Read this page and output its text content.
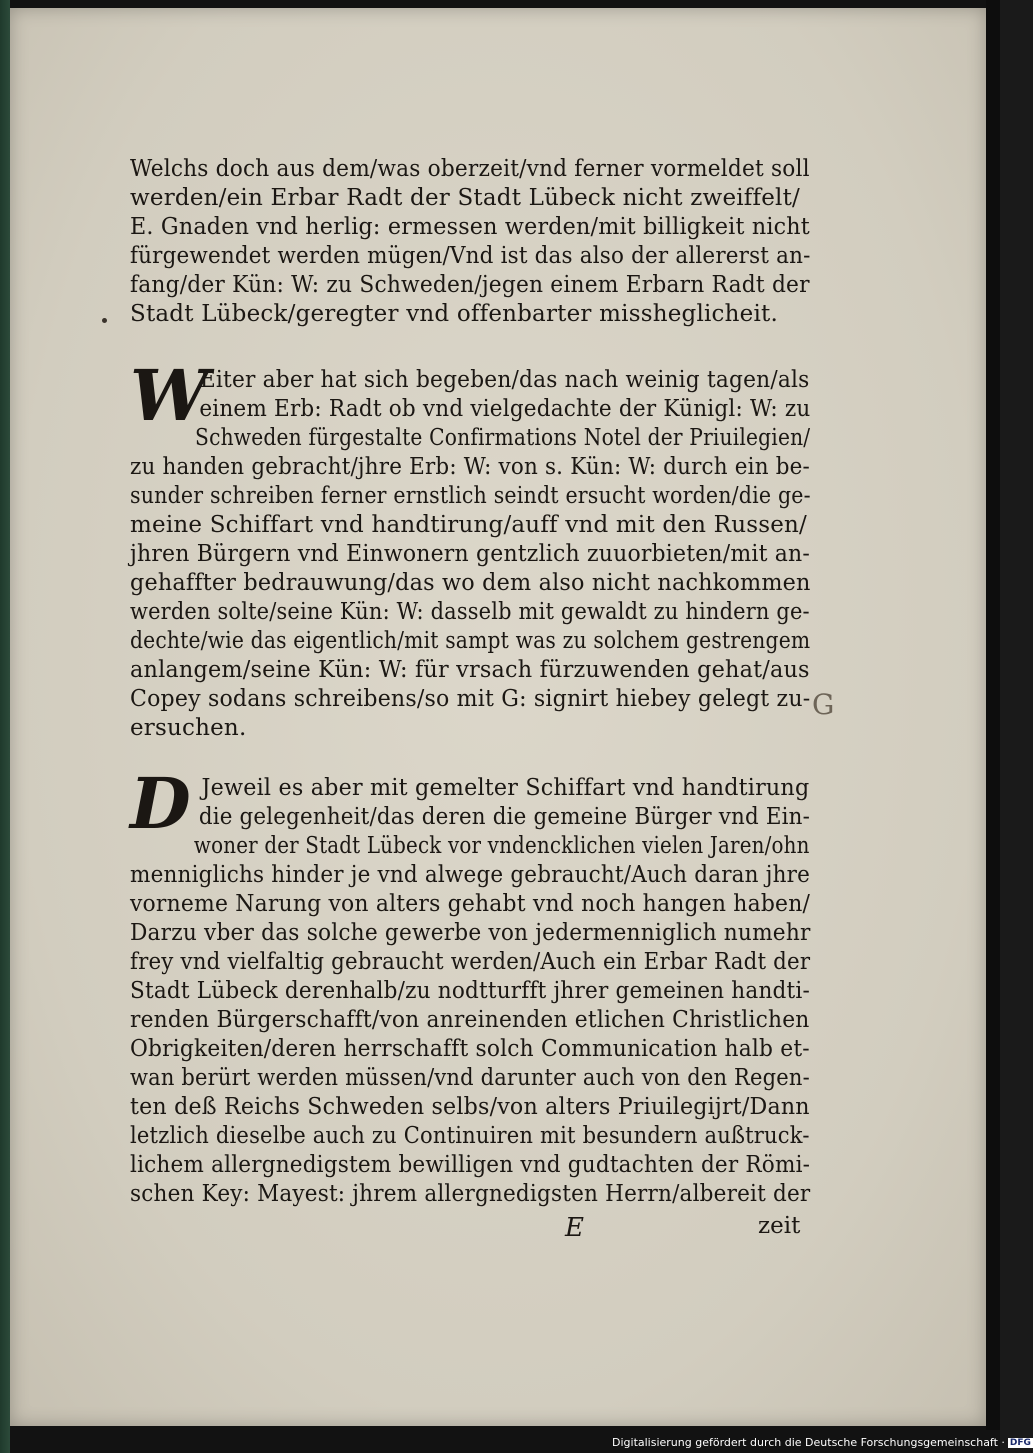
Welchs doch aus dem/was oberzeit/vnd ferner vormeldet soll
werden/ein Erbar Radt der Stadt Lübeck nicht zweiffelt/
E. Gnaden vnd herlig: ermessen werden/mit billigkeit nicht
fürgewendet werden mügen/Vnd ist das also der allererst an-
fang/der Kün: W: zu Schweden/jegen einem Erbarn Radt der
Stadt Lübeck/geregter vnd offenbarter missheglicheit.
W
Eiter aber hat sich begeben/das nach weinig tagen/als
einem Erb: Radt ob vnd vielgedachte der Künigl: W: zu
Schweden fürgestalte Confirmations Notel der Priuilegien/
zu handen gebracht/jhre Erb: W: von s. Kün: W: durch ein be-
sunder schreiben ferner ernstlich seindt ersucht worden/die ge-
meine Schiffart vnd handtirung/auff vnd mit den Russen/
jhren Bürgern vnd Einwonern gentzlich zuuorbieten/mit an-
gehaffter bedrauwung/das wo dem also nicht nachkommen
werden solte/seine Kün: W: dasselb mit gewaldt zu hindern ge-
dechte/wie das eigentlich/mit sampt was zu solchem gestrengem
anlangem/seine Kün: W: für vrsach fürzuwenden gehat/aus
Copey sodans schreibens/so mit G: signirt hiebey gelegt zu-
ersuchen.
D Jeweil es aber mit gemelter Schiffart vnd handtirung
die gelegenheit/das deren die gemeine Bürger vnd Ein-
woner der Stadt Lübeck vor vndencklichen vielen Jaren/ohn
menniglichs hinder je vnd alwege gebraucht/Auch daran jhre
vorneme Narung von alters gehabt vnd noch hangen haben/
Darzu vber das solche gewerbe von jedermenniglich numehr
frey vnd vielfaltig gebraucht werden/Auch ein Erbar Radt der
Stadt Lübeck derenhalb/zu nodtturfft jhrer gemeinen handti-
renden Bürgerschafft/von anreinenden etlichen Christlichen
Obrigkeiten/deren herrschafft solch Communication halb et-
wan berürt werden müssen/vnd darunter auch von den Regen-
ten deß Reichs Schweden selbs/von alters Priuilegijrt/Dann
letzlich dieselbe auch zu Continuiren mit besundern außtruck-
lichem allergnedigstem bewilligen vnd gudtachten der Römi-
schen Key: Mayest: jhrem allergnedigsten Herrn/albereit der
G
E	zeit
Digitalisierung gefördert durch die Deutsche Forschungsgemeinschaft · DFG
